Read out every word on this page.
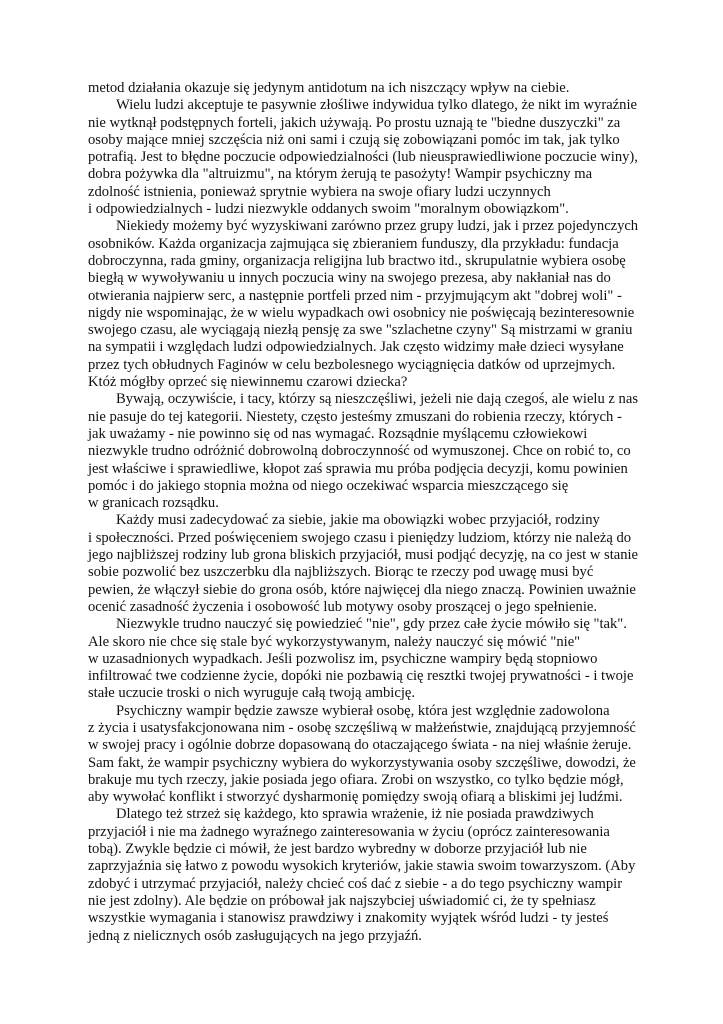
metod działania okazuje się jedynym antidotum na ich niszczący wpływ na ciebie.

Wielu ludzi akceptuje te pasywnie złośliwe indywidua tylko dlatego, że nikt im wyraźnie
nie wytknął podstępnych forteli, jakich używają. Po prostu uznają te "biedne duszyczki" za
osoby mające mniej szczęścia niż oni sami i czują się zobowiązani pomóc im tak, jak tylko
potrafią. Jest to błędne poczucie odpowiedzialności (lub nieusprawiedliwione poczucie winy),
dobra pożywka dla "altruizmu", na którym żerują te pasożyty! Wampir psychiczny ma
zdolność istnienia, ponieważ sprytnie wybiera na swoje ofiary ludzi uczynnych
i odpowiedzialnych - ludzi niezwykle oddanych swoim "moralnym obowiązkom".

Niekiedy możemy być wyzyskiwani zarówno przez grupy ludzi, jak i przez pojedynczych
osobników. Każda organizacja zajmująca się zbieraniem funduszy, dla przykładu: fundacja
dobroczynna, rada gminy, organizacja religijna lub bractwo itd., skrupulatnie wybiera osobę
biegłą w wywoływaniu u innych poczucia winy na swojego prezesa, aby nakłaniał nas do
otwierania najpierw serc, a następnie portfeli przed nim - przyjmującym akt "dobrej woli" -
nigdy nie wspominając, że w wielu wypadkach owi osobnicy nie poświęcają bezinteresownie
swojego czasu, ale wyciągają niezłą pensję za swe "szlachetne czyny" Są mistrzami w graniu
na sympatii i względach ludzi odpowiedzialnych. Jak często widzimy małe dzieci wysyłane
przez tych obłudnych Faginów w celu bezbolesnego wyciągnięcia datków od uprzejmych.
Któż mógłby oprzeć się niewinnemu czarowi dziecka?

Bywają, oczywiście, i tacy, którzy są nieszczęśliwi, jeżeli nie dają czegoś, ale wielu z nas
nie pasuje do tej kategorii. Niestety, często jesteśmy zmuszani do robienia rzeczy, których -
jak uważamy - nie powinno się od nas wymagać. Rozsądnie myślącemu człowiekowi
niezwykle trudno odróżnić dobrowolną dobroczynność od wymuszonej. Chce on robić to, co
jest właściwe i sprawiedliwe, kłopot zaś sprawia mu próba podjęcia decyzji, komu powinien
pomóc i do jakiego stopnia można od niego oczekiwać wsparcia mieszczącego się
w granicach rozsądku.

Każdy musi zadecydować za siebie, jakie ma obowiązki wobec przyjaciół, rodziny
i społeczności. Przed poświęceniem swojego czasu i pieniędzy ludziom, którzy nie należą do
jego najbliższej rodziny lub grona bliskich przyjaciół, musi podjąć decyzję, na co jest w stanie
sobie pozwolić bez uszczerbku dla najbliższych. Biorąc te rzeczy pod uwagę musi być
pewien, że włączył siebie do grona osób, które najwięcej dla niego znaczą. Powinien uważnie
ocenić zasadność życzenia i osobowość lub motywy osoby proszącej o jego spełnienie.

Niezwykle trudno nauczyć się powiedzieć "nie", gdy przez całe życie mówiło się "tak".
Ale skoro nie chce się stale być wykorzystywanym, należy nauczyć się mówić "nie"
w uzasadnionych wypadkach. Jeśli pozwolisz im, psychiczne wampiry będą stopniowo
infiltrować twe codzienne życie, dopóki nie pozbawią cię resztki twojej prywatności - i twoje
stałe uczucie troski o nich wyruguje całą twoją ambicję.

Psychiczny wampir będzie zawsze wybierał osobę, która jest względnie zadowolona
z życia i usatysfakcjonowana nim - osobę szczęśliwą w małżeństwie, znajdującą przyjemność
w swojej pracy i ogólnie dobrze dopasowaną do otaczającego świata - na niej właśnie żeruje.
Sam fakt, że wampir psychiczny wybiera do wykorzystywania osoby szczęśliwe, dowodzi, że
brakuje mu tych rzeczy, jakie posiada jego ofiara. Zrobi on wszystko, co tylko będzie mógł,
aby wywołać konflikt i stworzyć dysharmonię pomiędzy swoją ofiarą a bliskimi jej ludźmi.

Dlatego też strzeż się każdego, kto sprawia wrażenie, iż nie posiada prawdziwych
przyjaciół i nie ma żadnego wyraźnego zainteresowania w życiu (oprócz zainteresowania
tobą). Zwykle będzie ci mówił, że jest bardzo wybredny w doborze przyjaciół lub nie
zaprzyjaźnia się łatwo z powodu wysokich kryteriów, jakie stawia swoim towarzyszom. (Aby
zdobyć i utrzymać przyjaciół, należy chcieć coś dać z siebie - a do tego psychiczny wampir
nie jest zdolny). Ale będzie on próbował jak najszybciej uświadomić ci, że ty spełniasz
wszystkie wymagania i stanowisz prawdziwy i znakomity wyjątek wśród ludzi - ty jesteś
jedną z nielicznych osób zasługujących na jego przyjaźń.
